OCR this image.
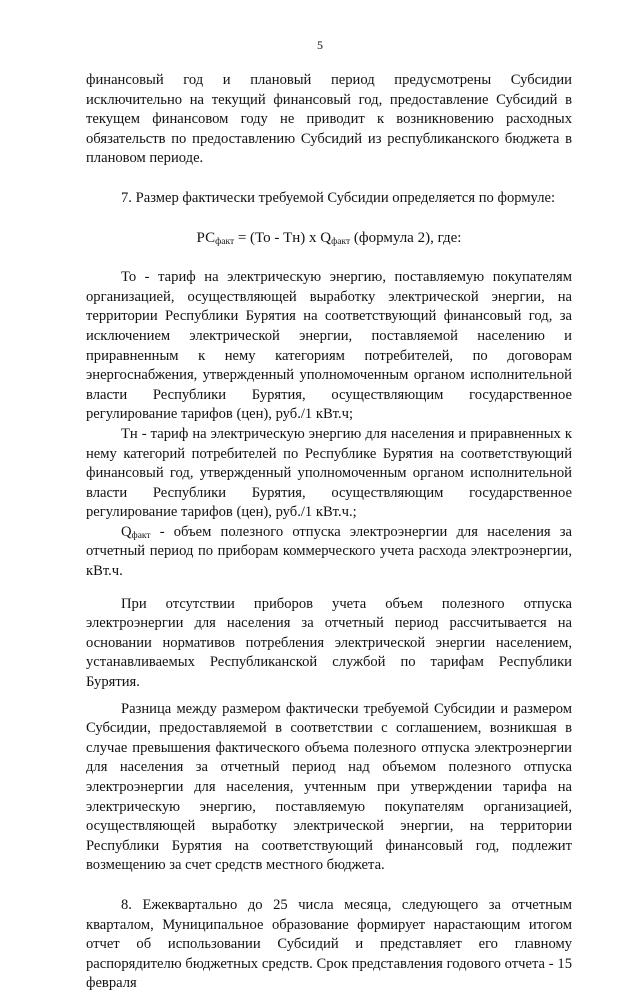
5

финансовый год и плановый период предусмотрены Субсидии исключительно на текущий финансовый год, предоставление Субсидий в текущем финансовом году не приводит к возникновению расходных обязательств по предоставлению Субсидий из республиканского бюджета в плановом периоде.

7. Размер фактически требуемой Субсидии определяется по формуле:

$РС_{факт} = (То - Тн)$ x $Q_{факт}$ (формула 2), где:

То - тариф на электрическую энергию, поставляемую покупателям организацией, осуществляющей выработку электрической энергии, на территории Республики Бурятия на соответствующий финансовый год, за исключением электрической энергии, поставляемой населению и приравненным к нему категориям потребителей, по договорам энергоснабжения, утвержденный уполномоченным органом исполнительной власти Республики Бурятия, осуществляющим государственное регулирование тарифов (цен), руб./1 кВт.ч;

Тн - тариф на электрическую энергию для населения и приравненных к нему категорий потребителей по Республике Бурятия на соответствующий финансовый год, утвержденный уполномоченным органом исполнительной власти Республики Бурятия, осуществляющим государственное регулирование тарифов (цен), руб./1 кВт.ч.;

$Q_{факт}$ - объем полезного отпуска электроэнергии для населения за отчетный период по приборам коммерческого учета расхода электроэнергии, кВт.ч.

При отсутствии приборов учета объем полезного отпуска электроэнергии для населения за отчетный период рассчитывается на основании нормативов потребления электрической энергии населением, устанавливаемых Республиканской службой по тарифам Республики Бурятия.

Разница между размером фактически требуемой Субсидии и размером Субсидии, предоставляемой в соответствии с соглашением, возникшая в случае превышения фактического объема полезного отпуска электроэнергии для населения за отчетный период над объемом полезного отпуска электроэнергии для населения, учтенным при утверждении тарифа на электрическую энергию, поставляемую покупателям организацией, осуществляющей выработку электрической энергии, на территории Республики Бурятия на соответствующий финансовый год, подлежит возмещению за счет средств местного бюджета.

8. Ежеквартально до 25 числа месяца, следующего за отчетным кварталом, Муниципальное образование формирует нарастающим итогом отчет об использовании Субсидий и представляет его главному распорядителю бюджетных средств. Срок представления годового отчета - 15 февраля
